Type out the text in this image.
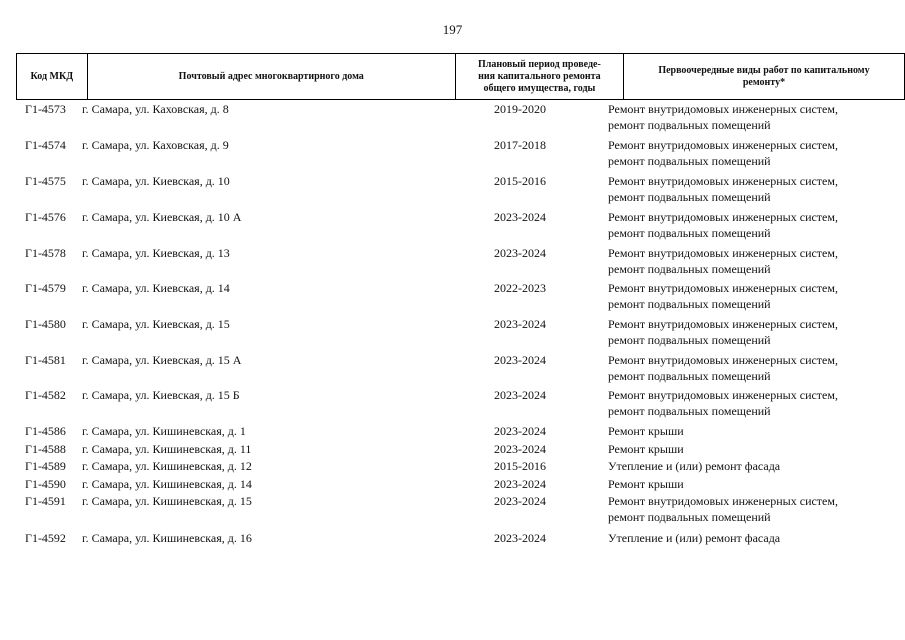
197
Код МКД	Почтовый адрес многоквартирного дома	Плановый период проведе-
ния капитального ремонта
общего имущества, годы	Первоочередные виды работ по капитальному
ремонту*
Г1-4573 г. Самара, ул. Каховская, д. 8	2019-2020	Ремонт внутридомовых инженерных систем,
ремонт подвальных помещений
Г1-4574 г. Самара, ул. Каховская, д. 9	2017-2018	Ремонт внутридомовых инженерных систем,
ремонт подвальных помещений
Г1-4575 г. Самара, ул. Киевская, д. 10	2015-2016	Ремонт внутридомовых инженерных систем,
ремонт подвальных помещений
Г1-4576 г. Самара, ул. Киевская, д. 10 А	2023-2024	Ремонт внутридомовых инженерных систем,
ремонт подвальных помещений
Г1-4578 г. Самара, ул. Киевская, д. 13	2023-2024	Ремонт внутридомовых инженерных систем,
ремонт подвальных помещений
Г1-4579 г. Самара, ул. Киевская, д. 14	2022-2023	Ремонт внутридомовых инженерных систем,
ремонт подвальных помещений
Г1-4580 г. Самара, ул. Киевская, д. 15	2023-2024	Ремонт внутридомовых инженерных систем,
ремонт подвальных помещений
Г1-4581 г. Самара, ул. Киевская, д. 15 А	2023-2024	Ремонт внутридомовых инженерных систем,
ремонт подвальных помещений
Г1-4582 г. Самара, ул. Киевская, д. 15 Б	2023-2024	Ремонт внутридомовых инженерных систем,
ремонт подвальных помещений
Г1-4586 г. Самара, ул. Кишиневская, д. 1	2023-2024	Ремонт крыши
Г1-4588 г. Самара, ул. Кишиневская, д. 11	2023-2024	Ремонт крыши
Г1-4589 г. Самара, ул. Кишиневская, д. 12	2015-2016	Утепление и (или) ремонт фасада
Г1-4590 г. Самара, ул. Кишиневская, д. 14	2023-2024	Ремонт крыши
Г1-4591 г. Самара, ул. Кишиневская, д. 15	2023-2024	Ремонт внутридомовых инженерных систем,
ремонт подвальных помещений
Г1-4592 г. Самара, ул. Кишиневская, д. 16	2023-2024	Утепление и (или) ремонт фасада
